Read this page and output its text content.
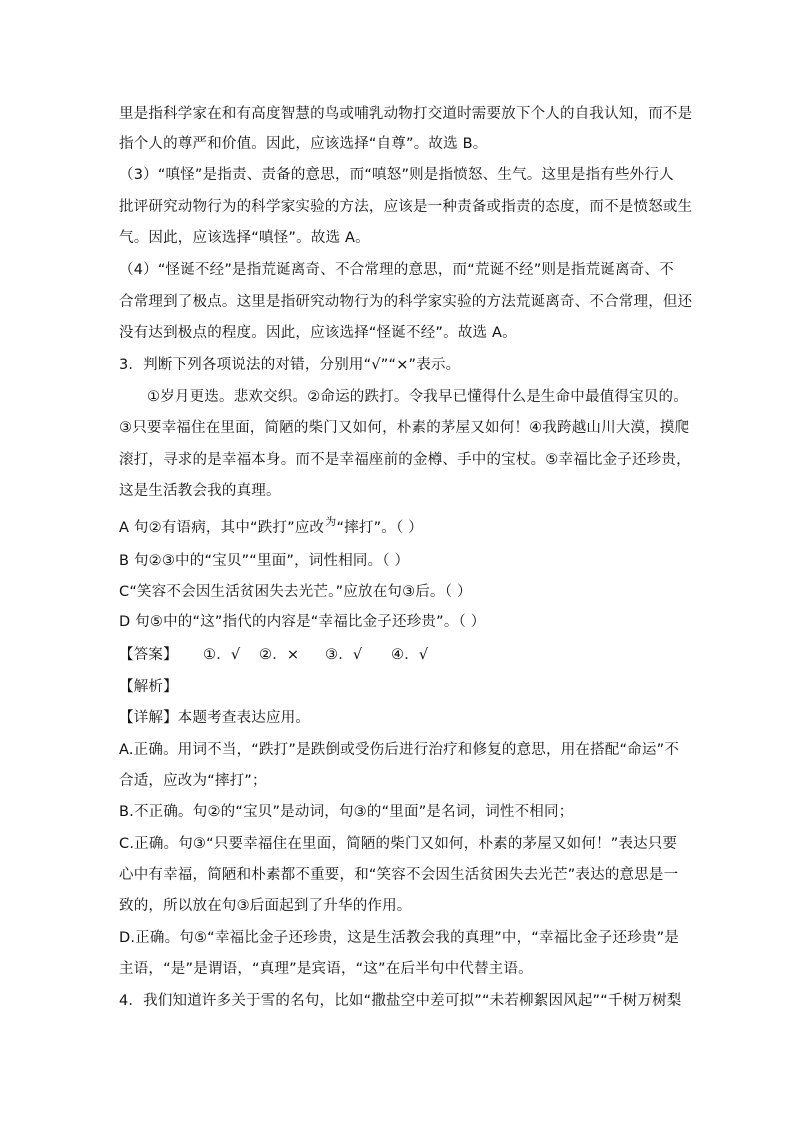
里是指科学家在和有高度智慧的鸟或哺乳动物打交道时需要放下个人的自我认知，而不是
指个人的尊严和价值。因此，应该选择“自尊”。故选 B。
（3）“嗔怪”是指责、责备的意思，而“嗔怒”则是指愤怒、生气。这里是指有些外行人
批评研究动物行为的科学家实验的方法，应该是一种责备或指责的态度，而不是愤怒或生
气。因此，应该选择“嗔怪”。故选 A。
（4）“怪诞不经”是指荒诞离奇、不合常理的意思，而“荒诞不经”则是指荒诞离奇、不
合常理到了极点。这里是指研究动物行为的科学家实验的方法荒诞离奇、不合常理，但还
没有达到极点的程度。因此，应该选择“怪诞不经”。故选 A。
3．判断下列各项说法的对错，分别用“√”“×”表示。
①岁月更迭。悲欢交织。②命运的跌打。令我早已懂得什么是生命中最值得宝贝的。
③只要幸福住在里面，简陋的柴门又如何，朴素的茅屋又如何！④我跨越山川大漠，摸爬
滚打，寻求的是幸福本身。而不是幸福座前的金樽、手中的宝杖。⑤幸福比金子还珍贵，
这是生活教会我的真理。
A 句②有语病，其中“跌打”应改为“摔打”。（ ）
B 句②③中的“宝贝”“里面”，词性相同。（ ）
C“笑容不会因生活贫困失去光芒。”应放在句③后。（ ）
D 句⑤中的“这”指代的内容是“幸福比金子还珍贵”。（ ）
【答案】 ①．√ ②．× ③．√ ④．√
【解析】
【详解】本题考查表达应用。
A.正确。用词不当，“跌打”是跌倒或受伤后进行治疗和修复的意思，用在搭配“命运”不
合适，应改为“摔打”；
B.不正确。句②的“宝贝”是动词，句③的“里面”是名词，词性不相同；
C.正确。句③“只要幸福住在里面，简陋的柴门又如何，朴素的茅屋又如何！”表达只要
心中有幸福，简陋和朴素都不重要，和“笑容不会因生活贫困失去光芒”表达的意思是一
致的，所以放在句③后面起到了升华的作用。
D.正确。句⑤“幸福比金子还珍贵，这是生活教会我的真理”中，“幸福比金子还珍贵”是
主语，“是”是谓语，“真理”是宾语，“这”在后半句中代替主语。
4．我们知道许多关于雪的名句，比如“撒盐空中差可拟”“未若柳絮因风起”“千树万树梨
